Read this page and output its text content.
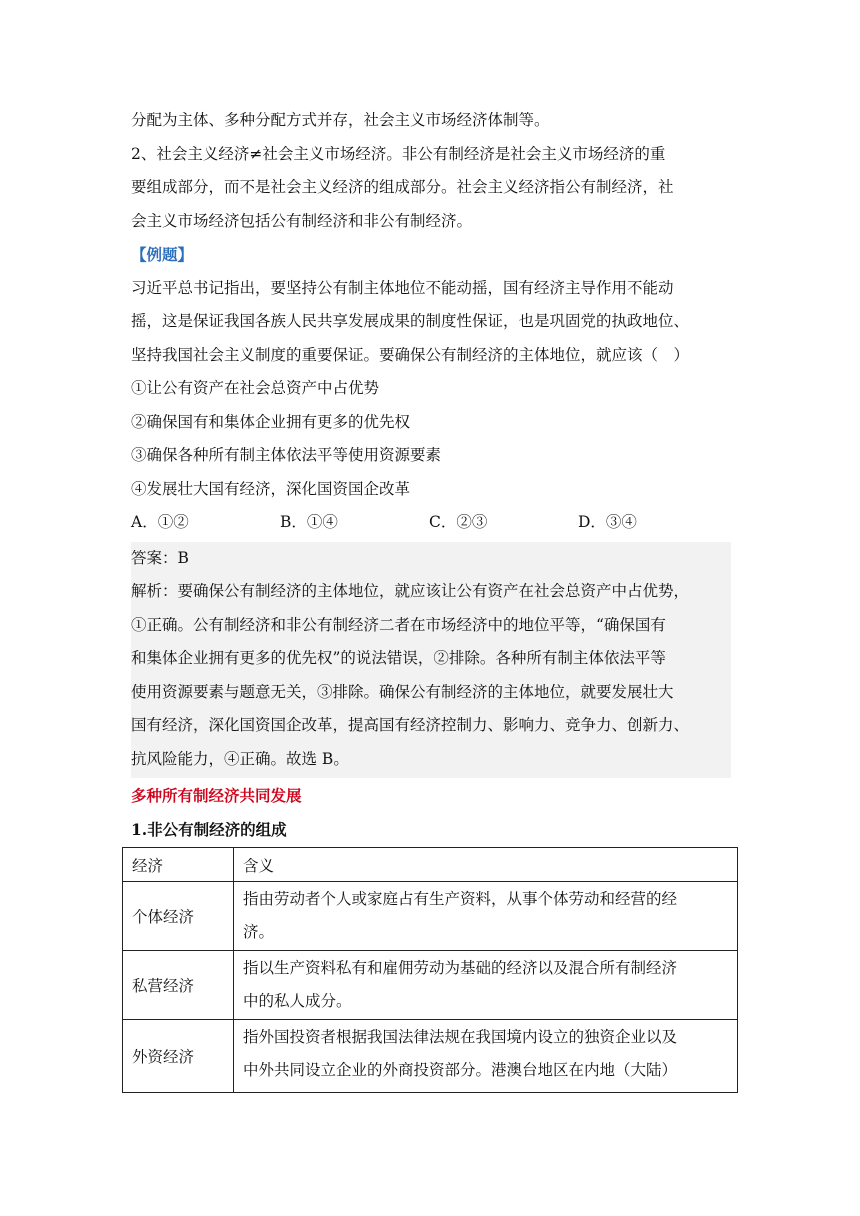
分配为主体、多种分配方式并存，社会主义市场经济体制等。

2、社会主义经济≠社会主义市场经济。非公有制经济是社会主义市场经济的重

要组成部分，而不是社会主义经济的组成部分。社会主义经济指公有制经济，社

会主义市场经济包括公有制经济和非公有制经济。

【例题】

习近平总书记指出，要坚持公有制主体地位不能动摇，国有经济主导作用不能动

摇，这是保证我国各族人民共享发展成果的制度性保证，也是巩固党的执政地位、

坚持我国社会主义制度的重要保证。要确保公有制经济的主体地位，就应该（　）

①让公有资产在社会总资产中占优势

②确保国有和集体企业拥有更多的优先权

③确保各种所有制主体依法平等使用资源要素

④发展壮大国有经济，深化国资国企改革

A．①②	B．①④	C．②③	D．③④

答案：B

解析：要确保公有制经济的主体地位，就应该让公有资产在社会总资产中占优势，

①正确。公有制经济和非公有制经济二者在市场经济中的地位平等，“确保国有

和集体企业拥有更多的优先权”的说法错误，②排除。各种所有制主体依法平等

使用资源要素与题意无关，③排除。确保公有制经济的主体地位，就要发展壮大

国有经济，深化国资国企改革，提高国有经济控制力、影响力、竞争力、创新力、

抗风险能力，④正确。故选 B。

多种所有制经济共同发展
1.非公有制经济的组成
经济	含义
个体经济	指由劳动者个人或家庭占有生产资料，从事个体劳动和经营的经
济。

私营经济	指以生产资料私有和雇佣劳动为基础的经济以及混合所有制经济
中的私人成分。

外资经济	指外国投资者根据我国法律法规在我国境内设立的独资企业以及
中外共同设立企业的外商投资部分。港澳台地区在内地（大陆）
